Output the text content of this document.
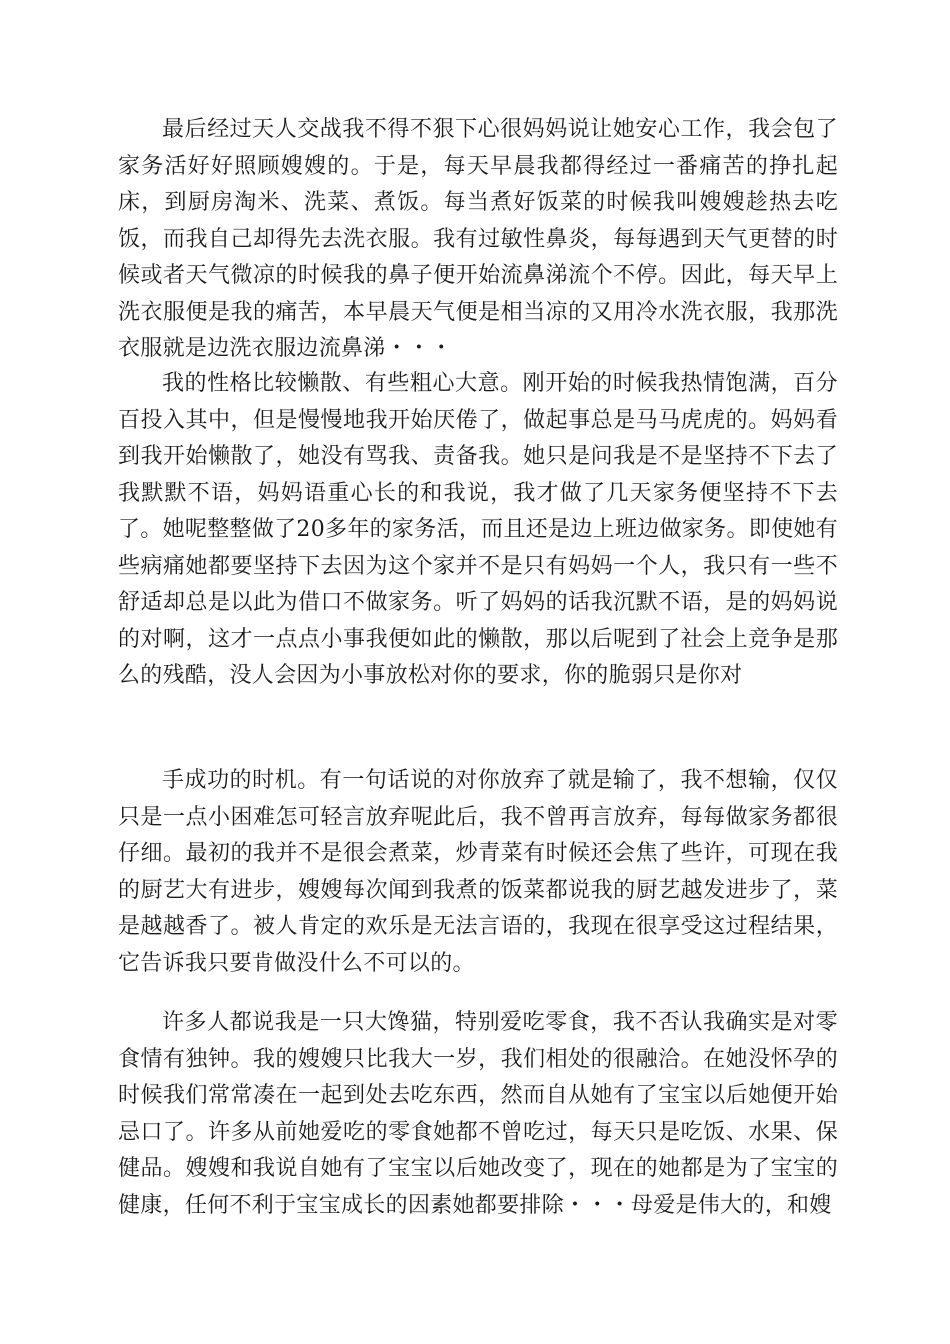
最后经过天人交战我不得不狠下心很妈妈说让她安心工作，我会包了家务活好好照顾嫂嫂的。于是，每天早晨我都得经过一番痛苦的挣扎起床，到厨房淘米、洗菜、煮饭。每当煮好饭菜的时候我叫嫂嫂趁热去吃饭，而我自己却得先去洗衣服。我有过敏性鼻炎，每每遇到天气更替的时候或者天气微凉的时候我的鼻子便开始流鼻涕流个不停。因此，每天早上洗衣服便是我的痛苦，本早晨天气便是相当凉的又用冷水洗衣服，我那洗衣服就是边洗衣服边流鼻涕・・・

我的性格比较懒散、有些粗心大意。刚开始的时候我热情饱满，百分百投入其中，但是慢慢地我开始厌倦了，做起事总是马马虎虎的。妈妈看到我开始懒散了，她没有骂我、责备我。她只是问我是不是坚持不下去了我默默不语，妈妈语重心长的和我说，我才做了几天家务便坚持不下去了。她呢整整做了20多年的家务活，而且还是边上班边做家务。即使她有些病痛她都要坚持下去因为这个家并不是只有妈妈一个人，我只有一些不舒适却总是以此为借口不做家务。听了妈妈的话我沉默不语，是的妈妈说的对啊，这才一点点小事我便如此的懒散，那以后呢到了社会上竞争是那么的残酷，没人会因为小事放松对你的要求，你的脆弱只是你对

手成功的时机。有一句话说的对你放弃了就是输了，我不想输，仅仅只是一点小困难怎可轻言放弃呢此后，我不曾再言放弃，每每做家务都很仔细。最初的我并不是很会煮菜，炒青菜有时候还会焦了些许，可现在我的厨艺大有进步，嫂嫂每次闻到我煮的饭菜都说我的厨艺越发进步了，菜是越越香了。被人肯定的欢乐是无法言语的，我现在很享受这过程结果，它告诉我只要肯做没什么不可以的。

许多人都说我是一只大馋猫，特别爱吃零食，我不否认我确实是对零食情有独钟。我的嫂嫂只比我大一岁，我们相处的很融洽。在她没怀孕的时候我们常常凑在一起到处去吃东西，然而自从她有了宝宝以后她便开始忌口了。许多从前她爱吃的零食她都不曾吃过，每天只是吃饭、水果、保健品。嫂嫂和我说自她有了宝宝以后她改变了，现在的她都是为了宝宝的健康，任何不利于宝宝成长的因素她都要排除・・・母爱是伟大的，和嫂
